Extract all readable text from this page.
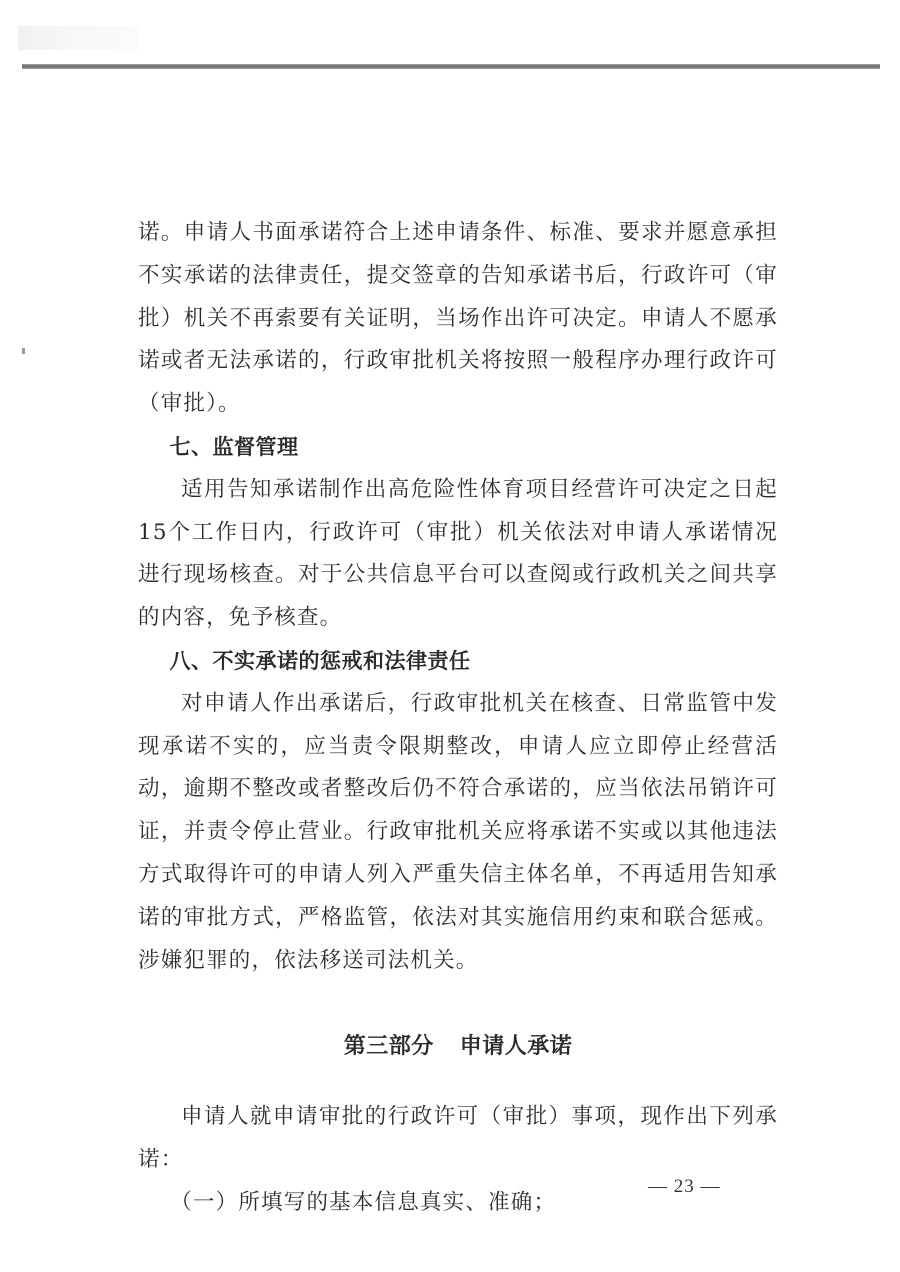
诺。申请人书面承诺符合上述申请条件、标准、要求并愿意承担不实承诺的法律责任，提交签章的告知承诺书后，行政许可（审批）机关不再索要有关证明，当场作出许可决定。申请人不愿承诺或者无法承诺的，行政审批机关将按照一般程序办理行政许可（审批）。

七、监督管理

适用告知承诺制作出高危险性体育项目经营许可决定之日起15个工作日内，行政许可（审批）机关依法对申请人承诺情况进行现场核查。对于公共信息平台可以查阅或行政机关之间共享的内容，免予核查。

八、不实承诺的惩戒和法律责任

对申请人作出承诺后，行政审批机关在核查、日常监管中发现承诺不实的，应当责令限期整改，申请人应立即停止经营活动，逾期不整改或者整改后仍不符合承诺的，应当依法吊销许可证，并责令停止营业。行政审批机关应将承诺不实或以其他违法方式取得许可的申请人列入严重失信主体名单，不再适用告知承诺的审批方式，严格监管，依法对其实施信用约束和联合惩戒。涉嫌犯罪的，依法移送司法机关。

第三部分 申请人承诺

申请人就申请审批的行政许可（审批）事项，现作出下列承诺：

（一）所填写的基本信息真实、准确；

— 23 —
